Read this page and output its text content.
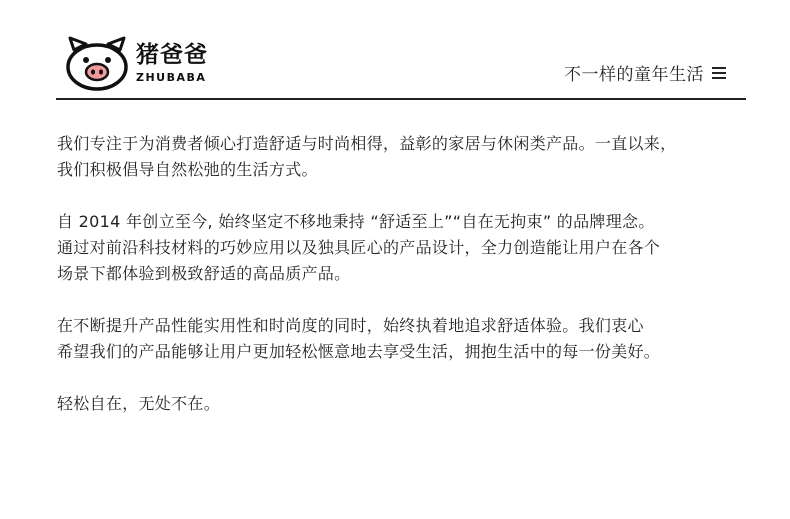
猪爸爸
ZHUBABA	不一样的童年生活

我们专注于为消费者倾心打造舒适与时尚相得，益彰的家居与休闲类产品。一直以来，
我们积极倡导自然松弛的生活方式。

自 2014 年创立至今, 始终坚定不移地秉持 “舒适至上”“自在无拘束” 的品牌理念。
通过对前沿科技材料的巧妙应用以及独具匠心的产品设计，全力创造能让用户在各个
场景下都体验到极致舒适的高品质产品。

在不断提升产品性能实用性和时尚度的同时，始终执着地追求舒适体验。我们衷心
希望我们的产品能够让用户更加轻松惬意地去享受生活，拥抱生活中的每一份美好。

轻松自在，无处不在。
